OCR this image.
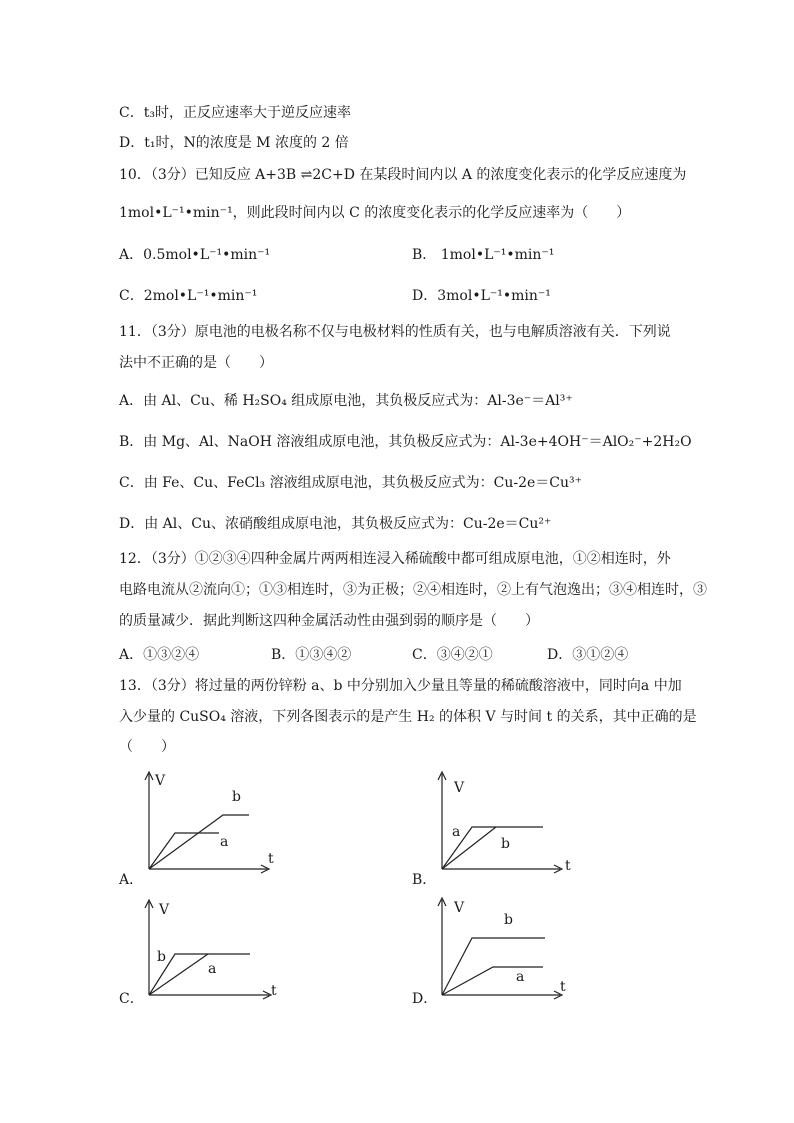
C．t₃时，正反应速率大于逆反应速率
D．t₁时，N的浓度是 M 浓度的 2 倍
10．（3分）已知反应 A+3B ⇌2C+D 在某段时间内以 A 的浓度变化表示的化学反应速度为
1mol•L⁻¹•min⁻¹，则此段时间内以 C 的浓度变化表示的化学反应速率为（　　）
A．0.5mol•L⁻¹•min⁻¹	B． 1mol•L⁻¹•min⁻¹
C．2mol•L⁻¹•min⁻¹	D．3mol•L⁻¹•min⁻¹
11．（3分）原电池的电极名称不仅与电极材料的性质有关，也与电解质溶液有关．下列说
法中不正确的是（　　）
A．由 Al、Cu、稀 H₂SO₄ 组成原电池，其负极反应式为：Al-3e⁻＝Al³⁺
B．由 Mg、Al、NaOH 溶液组成原电池，其负极反应式为：Al-3e+4OH⁻＝AlO₂⁻+2H₂O
C．由 Fe、Cu、FeCl₃ 溶液组成原电池，其负极反应式为：Cu-2e＝Cu³⁺
D．由 Al、Cu、浓硝酸组成原电池，其负极反应式为：Cu-2e＝Cu²⁺
12．（3分）①②③④四种金属片两两相连浸入稀硫酸中都可组成原电池，①②相连时，外
电路电流从②流向①；①③相连时，③为正极；②④相连时，②上有气泡逸出；③④相连时，③
的质量减少．据此判断这四种金属活动性由强到弱的顺序是（　　）
A．①③②④	B．①③④②	C．③④②①	D．③①②④
13．（3分）将过量的两份锌粉 a、b 中分别加入少量且等量的稀硫酸溶液中，同时向a 中加
入少量的 CuSO₄ 溶液，下列各图表示的是产生 H₂ 的体积 V 与时间 t 的关系，其中正确的是
（　　）
V
t
b
a
A．
V
t
a
b
B．
V
t
b
a
C．
V
t
b
a
D．
